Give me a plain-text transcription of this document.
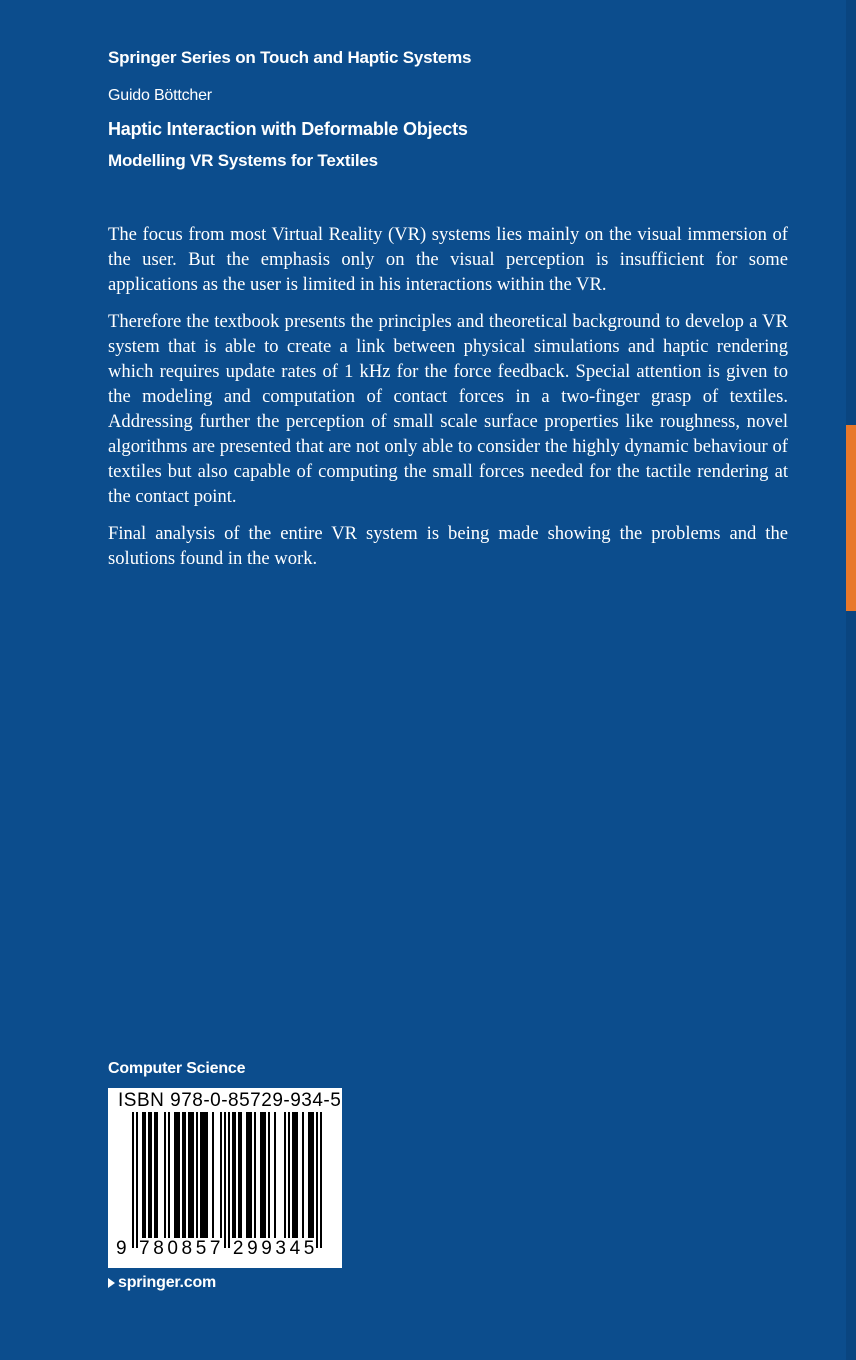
Springer Series on Touch and Haptic Systems
Guido Böttcher
Haptic Interaction with Deformable Objects
Modelling VR Systems for Textiles

The focus from most Virtual Reality (VR) systems lies mainly on the visual immersion of the user. But the emphasis only on the visual perception is insufficient for some applications as the user is limited in his interactions within the VR.

Therefore the textbook presents the principles and theoretical background to develop a VR system that is able to create a link between physical simulations and haptic rendering which requires update rates of 1 kHz for the force feedback. Special attention is given to the modeling and computation of contact forces in a two-finger grasp of textiles. Addressing further the perception of small scale surface properties like roughness, novel algorithms are presented that are not only able to consider the highly dynamic behaviour of textiles but also capable of computing the small forces needed for the tactile rendering at the contact point.

Final analysis of the entire VR system is being made showing the problems and the solutions found in the work.

Computer Science
ISBN 978-0-85729-934-5
9 780857 299345
springer.com
